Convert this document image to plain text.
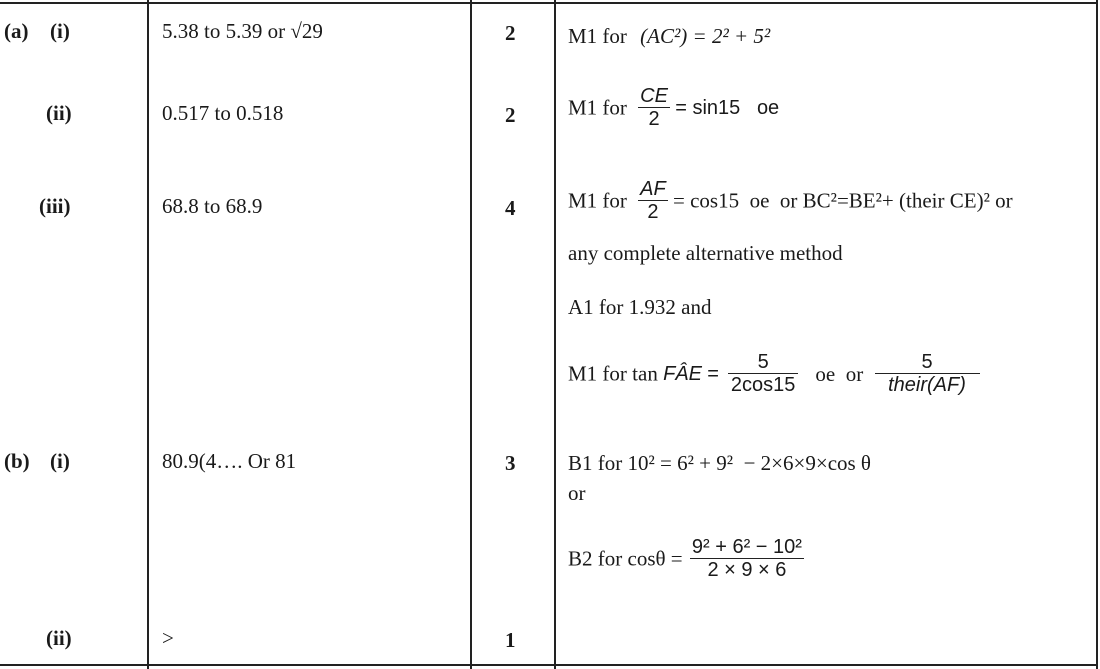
(a) (i)	5.38 to 5.39 or √29	2	M1 for (AC²) = 2² + 5²
(ii)	0.517 to 0.518	2	M1 for $\frac{CE}{2} = \sin 15$   oe
(iii)	68.8 to 68.9	4	M1 for $\frac{AF}{2} = \cos 15$  oe  or BC²=BE²+ (their CE)² or
any complete alternative method
A1 for 1.932 and
M1 for tan FÂE = $\frac{5}{2\cos 15}$ oe  or $\frac{5}{\text{their(AF)}}$
(b) (i)	80.9(4…. Or 81	3	B1 for 10² = 6² + 9²  − 2×6×9×cos θ
or
B2 for $\cos\theta = \frac{\text{9² + 6² − 10²}}{2 \times 9 \times 6}$
(ii)	>	1
